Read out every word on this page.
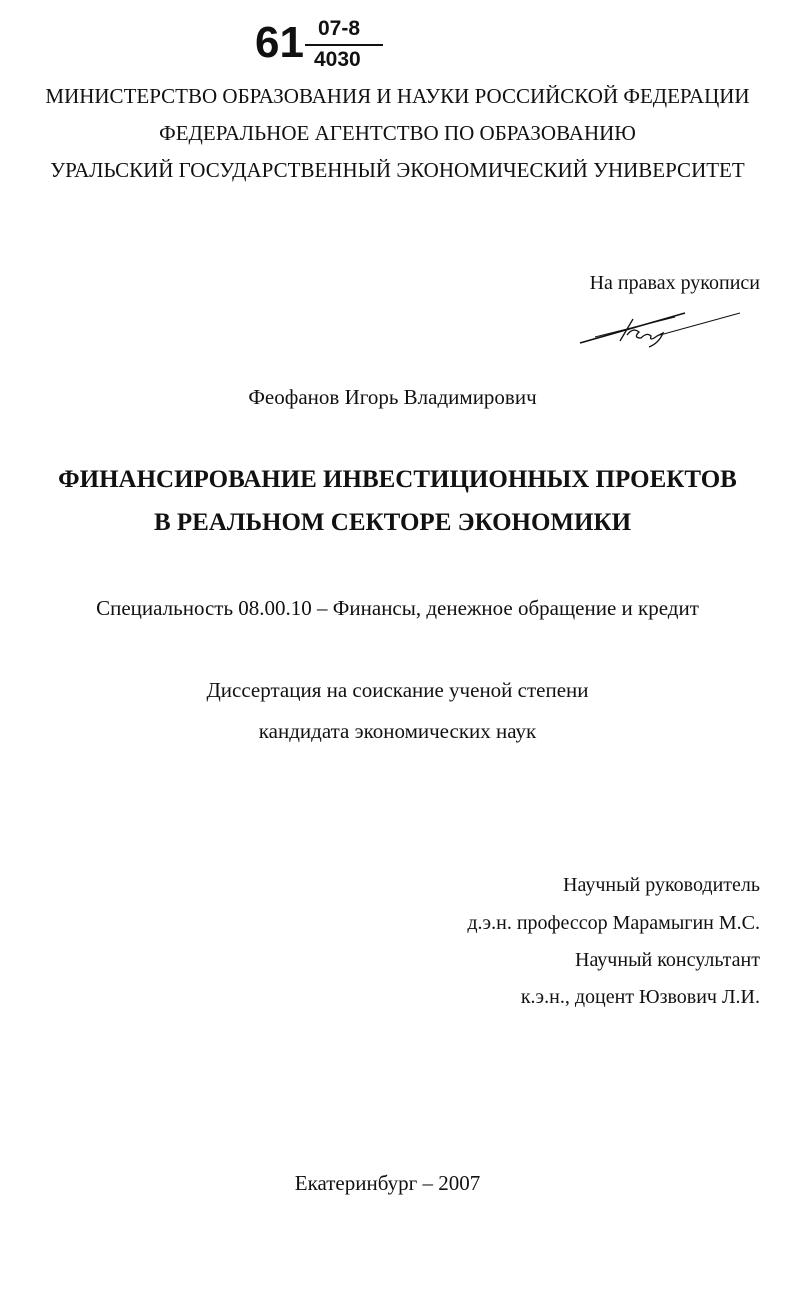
61 07-8
4030
МИНИСТЕРСТВО ОБРАЗОВАНИЯ И НАУКИ РОССИЙСКОЙ ФЕДЕРАЦИИ
ФЕДЕРАЛЬНОЕ АГЕНТСТВО ПО ОБРАЗОВАНИЮ
УРАЛЬСКИЙ ГОСУДАРСТВЕННЫЙ ЭКОНОМИЧЕСКИЙ УНИВЕРСИТЕТ
На правах рукописи
Феофанов Игорь Владимирович
ФИНАНСИРОВАНИЕ ИНВЕСТИЦИОННЫХ ПРОЕКТОВ
В РЕАЛЬНОМ СЕКТОРЕ ЭКОНОМИКИ
Специальность 08.00.10 – Финансы, денежное обращение и кредит
Диссертация на соискание ученой степени
кандидата экономических наук
Научный руководитель
д.э.н. профессор Марамыгин М.С.
Научный консультант
к.э.н., доцент Юзвович Л.И.
Екатеринбург – 2007
